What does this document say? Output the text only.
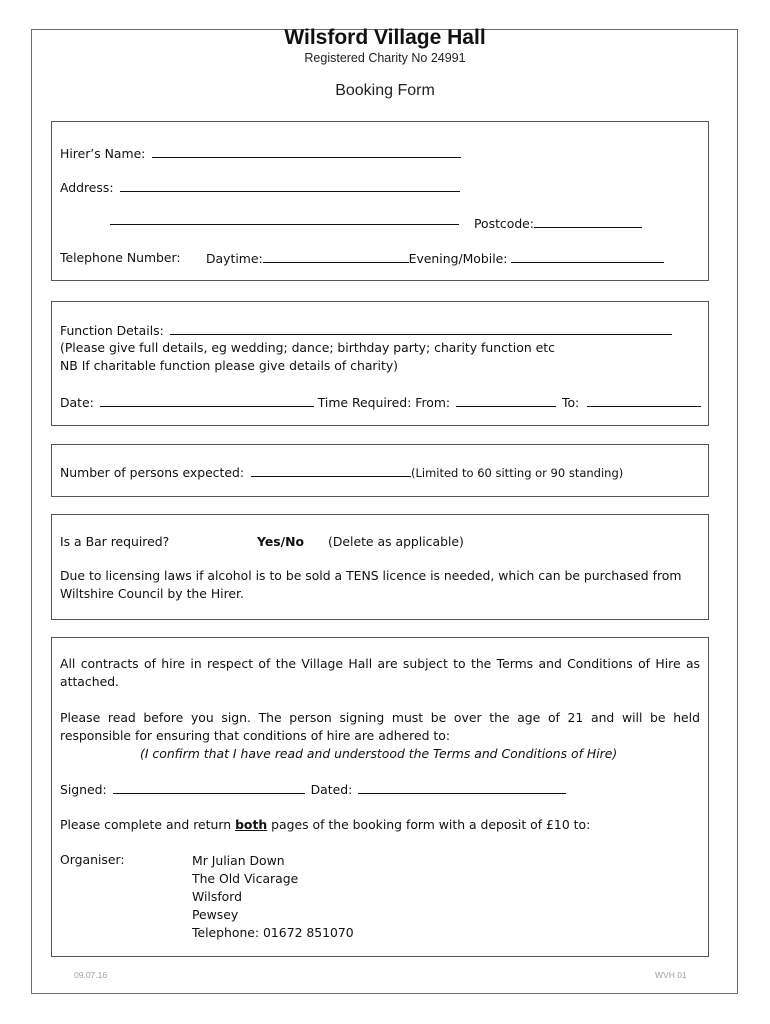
Wilsford Village Hall
Registered Charity No 24991
Booking Form
Hirer’s Name:
Address:
Postcode:
Telephone Number: Daytime:	Evening/Mobile:
Function Details:
(Please give full details, eg wedding; dance; birthday party; charity function etc
NB If charitable function please give details of charity)
Date:	Time Required: From:	To:
Number of persons expected:	(Limited to 60 sitting or 90 standing)
Is a Bar required?	Yes/No (Delete as applicable)
Due to licensing laws if alcohol is to be sold a TENS licence is needed, which can be purchased from Wiltshire Council by the Hirer.
All contracts of hire in respect of the Village Hall are subject to the Terms and Conditions of Hire as attached.
Please read before you sign. The person signing must be over the age of 21 and will be held responsible for ensuring that conditions of hire are adhered to:
(I confirm that I have read and understood the Terms and Conditions of Hire)
Signed:	Dated:
Please complete and return both pages of the booking form with a deposit of £10 to:
Organiser:	Mr Julian Down
The Old Vicarage
Wilsford
Pewsey
Telephone: 01672 851070
09.07.16	WVH 01
